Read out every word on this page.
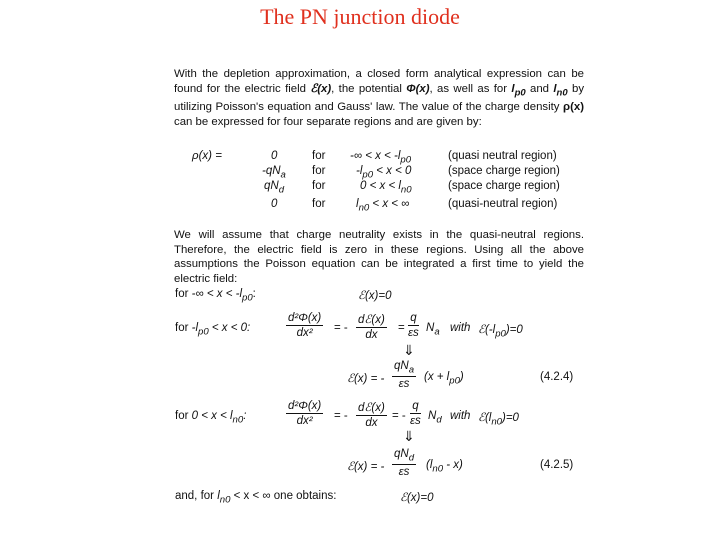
The PN junction diode

With the depletion approximation, a closed form analytical expression can be found for the electric field ℰ(x), the potential Φ(x), as well as for $l_{p0}$ and $l_{n0}$ by utilizing Poisson's equation and Gauss' law. The value of the charge density ρ(x) can be expressed for four separate regions and are given by:

ρ(x) =	0	for -∞ < $x < -l_{p0}$	(quasi neutral region)
$-qN_a$ for	$-l_{p0} < x < 0$	(space charge region)
$qN_d$ for	$0 < x < l_{n0}$	(space charge region)
0	for	$l_{n0} < x$ < ∞	(quasi-neutral region)

We will assume that charge neutrality exists in the quasi-neutral regions. Therefore, the electric field is zero in these regions. Using all the above assumptions the Poisson equation can be integrated a first time to yield the electric field:

for -∞ < $x < -l_{p0}$:	ℰ(x)=0
for $-l_{p0} < x < 0$:	$\frac{\text{d²Φ(x)}}{\text{dx²}}$ = -
dℰ(x)
dx
= $\frac{q}{\varepsilon s} N_a$ with $ℰ(-l_{p0})=0$
⇓
ℰ(x) = -
$qN_a$
εs
$(x + l_{p0})$	(4.2.4)
for $0 < x < l_{n0}$:	$\frac{\text{d²Φ(x)}}{\text{dx²}}$ = -
dℰ(x)
dx
= - $\frac{q}{\varepsilon s} N_d$ with $ℰ(l_{n0})=0$
⇓
ℰ(x) = -
$qN_d$
εs
$(l_{n0} - x)$	(4.2.5)
and, for $l_{n0} < x$ < ∞ one obtains:	ℰ(x)=0
